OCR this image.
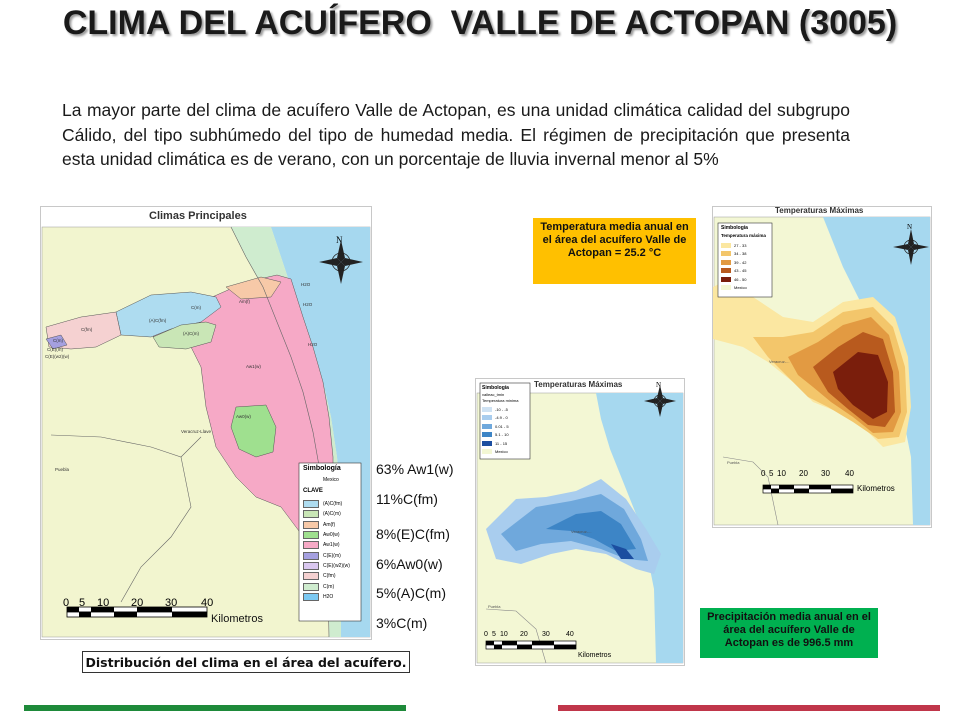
CLIMA DEL ACUÍFERO  VALLE DE ACTOPAN (3005)
La mayor parte del clima de acuífero Valle de Actopan, es una unidad climática calidad del subgrupo Cálido, del tipo subhúmedo del tipo de humedad media. El régimen de precipitación que presenta esta unidad climática es de verano, con un porcentaje de lluvia invernal menor al 5%
Climas Principales
N
Simbología
Mexico
CLAVE
(A)C(fm)
(A)C(m)
Am(f)
Aw0(w)
Aw1(w)
C(E)(m)
C(E)(w2)(w)
C(fm)
C(m)
H2O
C(m)
Am(f)
(A)C(fm)
C(fm)
(A)C(m)
Aw1(w)
Aw0(w)
H2O
H2O
H2O
C(m)
C(E)(m)
C(E)(w2)(w)
Veracruz-Llave
Puebla
0 5 10 20 30 40
Kilometros
63% Aw1(w)
11%C(fm)
8%(E)C(fm)
6%Aw0(w)
5%(A)C(m)
3%C(m)
Distribución del clima en el área del acuífero.
Temperaturas Máximas
Simbología
valleac_tmin
Temperatura minima
-10 - -5
-4.9 - 0
0.01 - 5
5.1 - 10
11 - 15
Mexico
Veracruz-...
Puebla
N
0 5 10 20 30 40
Kilometros
Temperaturas Máximas
Simbología
Temperatura máxima
27 - 33
34 - 38
39 - 42
43 - 45
46 - 50
Mexico
Veracruz-...
Puebla
N
0 5 10 20 30 40
Kilometros
Temperatura media anual en el área del acuífero Valle de Actopan = 25.2 °C
Precipitación media anual en el área del acuífero Valle de Actopan es de 996.5 mm
